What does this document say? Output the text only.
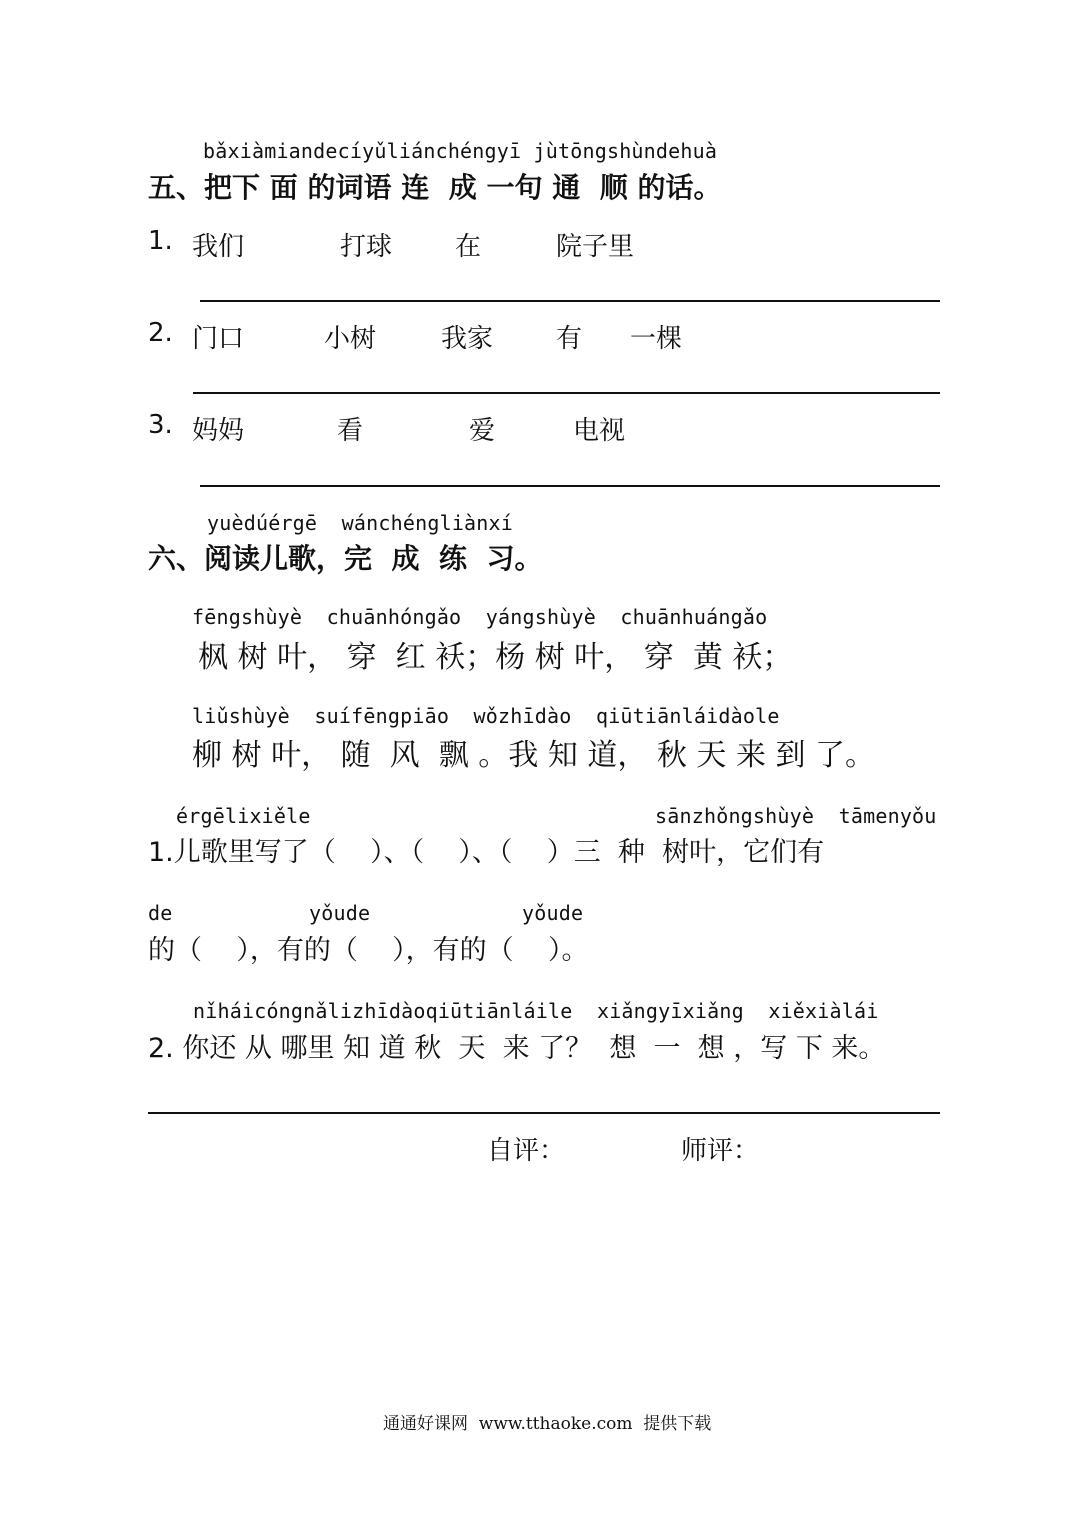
bǎxiàmiandecíyǔliánchéngyī jùtōngshùndehuà
五、把下 面 的词语 连  成 一句 通  顺 的话。
1. 我们	打球 在	院子里
2. 门口	小树 我家 有 一棵
3. 妈妈	看	爱	电视
yuèdúérgē  wánchéngliànxí
六、阅读儿歌，完  成  练  习。
fēngshùyè  chuānhóngǎo  yángshùyè  chuānhuángǎo
枫 树 叶， 穿  红 袄；杨 树 叶， 穿  黄 袄；
liǔshùyè  suífēngpiāo  wǒzhīdào  qiūtiānláidàole
柳 树 叶， 随  风  飘 。我 知 道， 秋 天 来 到 了。
érgēlixiěle	sānzhǒngshùyè  tāmenyǒu
1.儿歌里写了（    ）、（    ）、（    ）三  种  树叶，它们有
de	yǒude	yǒude
的（    ），有的（    ），有的（    ）。
nǐháicóngnǎlizhīdàoqiūtiānláile  xiǎngyīxiǎng  xiěxiàlái
2. 你还 从 哪里 知 道 秋  天  来 了？  想  一  想 ，写 下 来。
自评：	师评：
通通好课网  www.tthaoke.com  提供下载
